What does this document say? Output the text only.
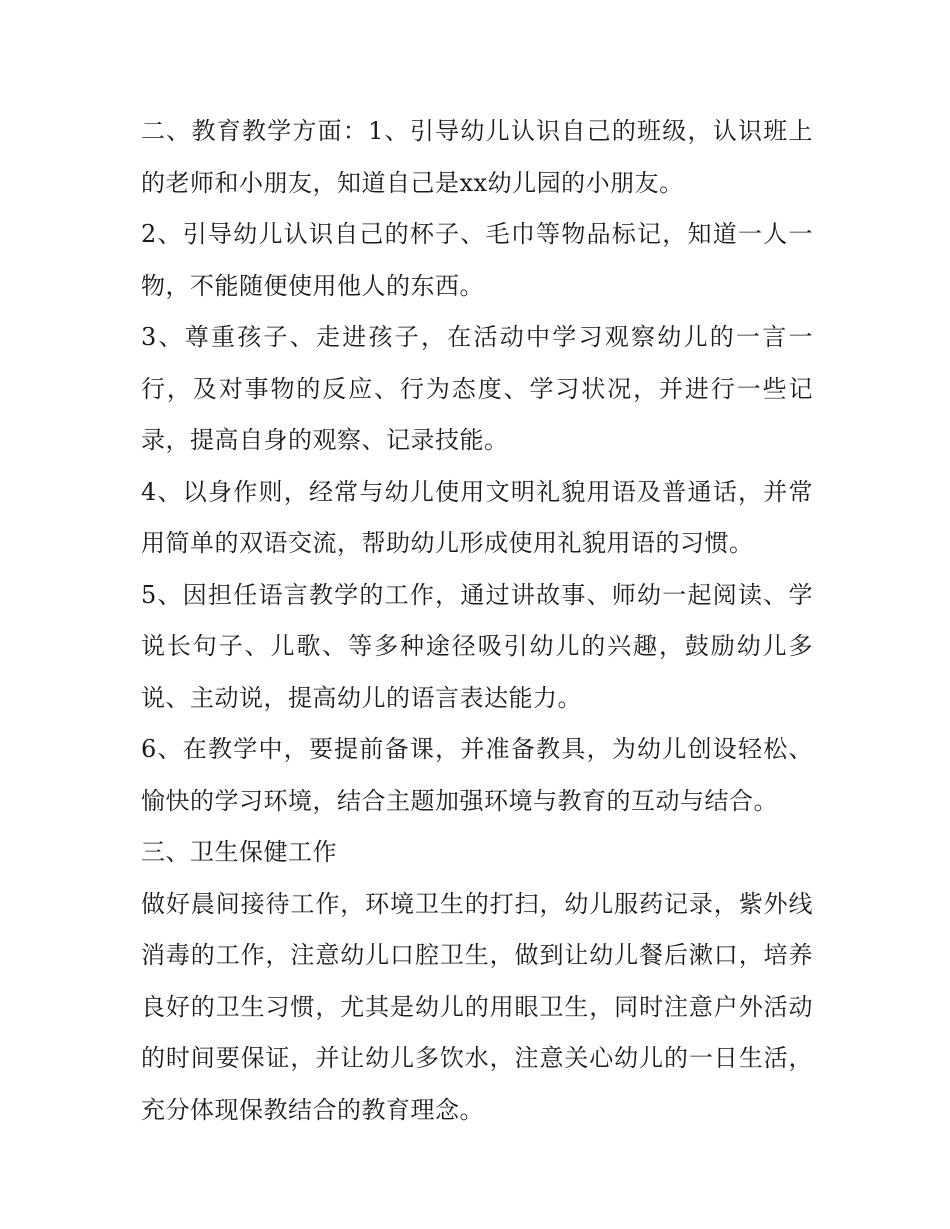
二、教育教学方面：1、引导幼儿认识自己的班级，认识班上的老师和小朋友，知道自己是xx幼儿园的小朋友。

2、引导幼儿认识自己的杯子、毛巾等物品标记，知道一人一物，不能随便使用他人的东西。

3、尊重孩子、走进孩子，在活动中学习观察幼儿的一言一行，及对事物的反应、行为态度、学习状况，并进行一些记录，提高自身的观察、记录技能。

4、以身作则，经常与幼儿使用文明礼貌用语及普通话，并常用简单的双语交流，帮助幼儿形成使用礼貌用语的习惯。

5、因担任语言教学的工作，通过讲故事、师幼一起阅读、学说长句子、儿歌、等多种途径吸引幼儿的兴趣，鼓励幼儿多说、主动说，提高幼儿的语言表达能力。

6、在教学中，要提前备课，并准备教具，为幼儿创设轻松、愉快的学习环境，结合主题加强环境与教育的互动与结合。

三、卫生保健工作

做好晨间接待工作，环境卫生的打扫，幼儿服药记录，紫外线消毒的工作，注意幼儿口腔卫生，做到让幼儿餐后漱口，培养良好的卫生习惯，尤其是幼儿的用眼卫生，同时注意户外活动的时间要保证，并让幼儿多饮水，注意关心幼儿的一日生活，充分体现保教结合的教育理念。
